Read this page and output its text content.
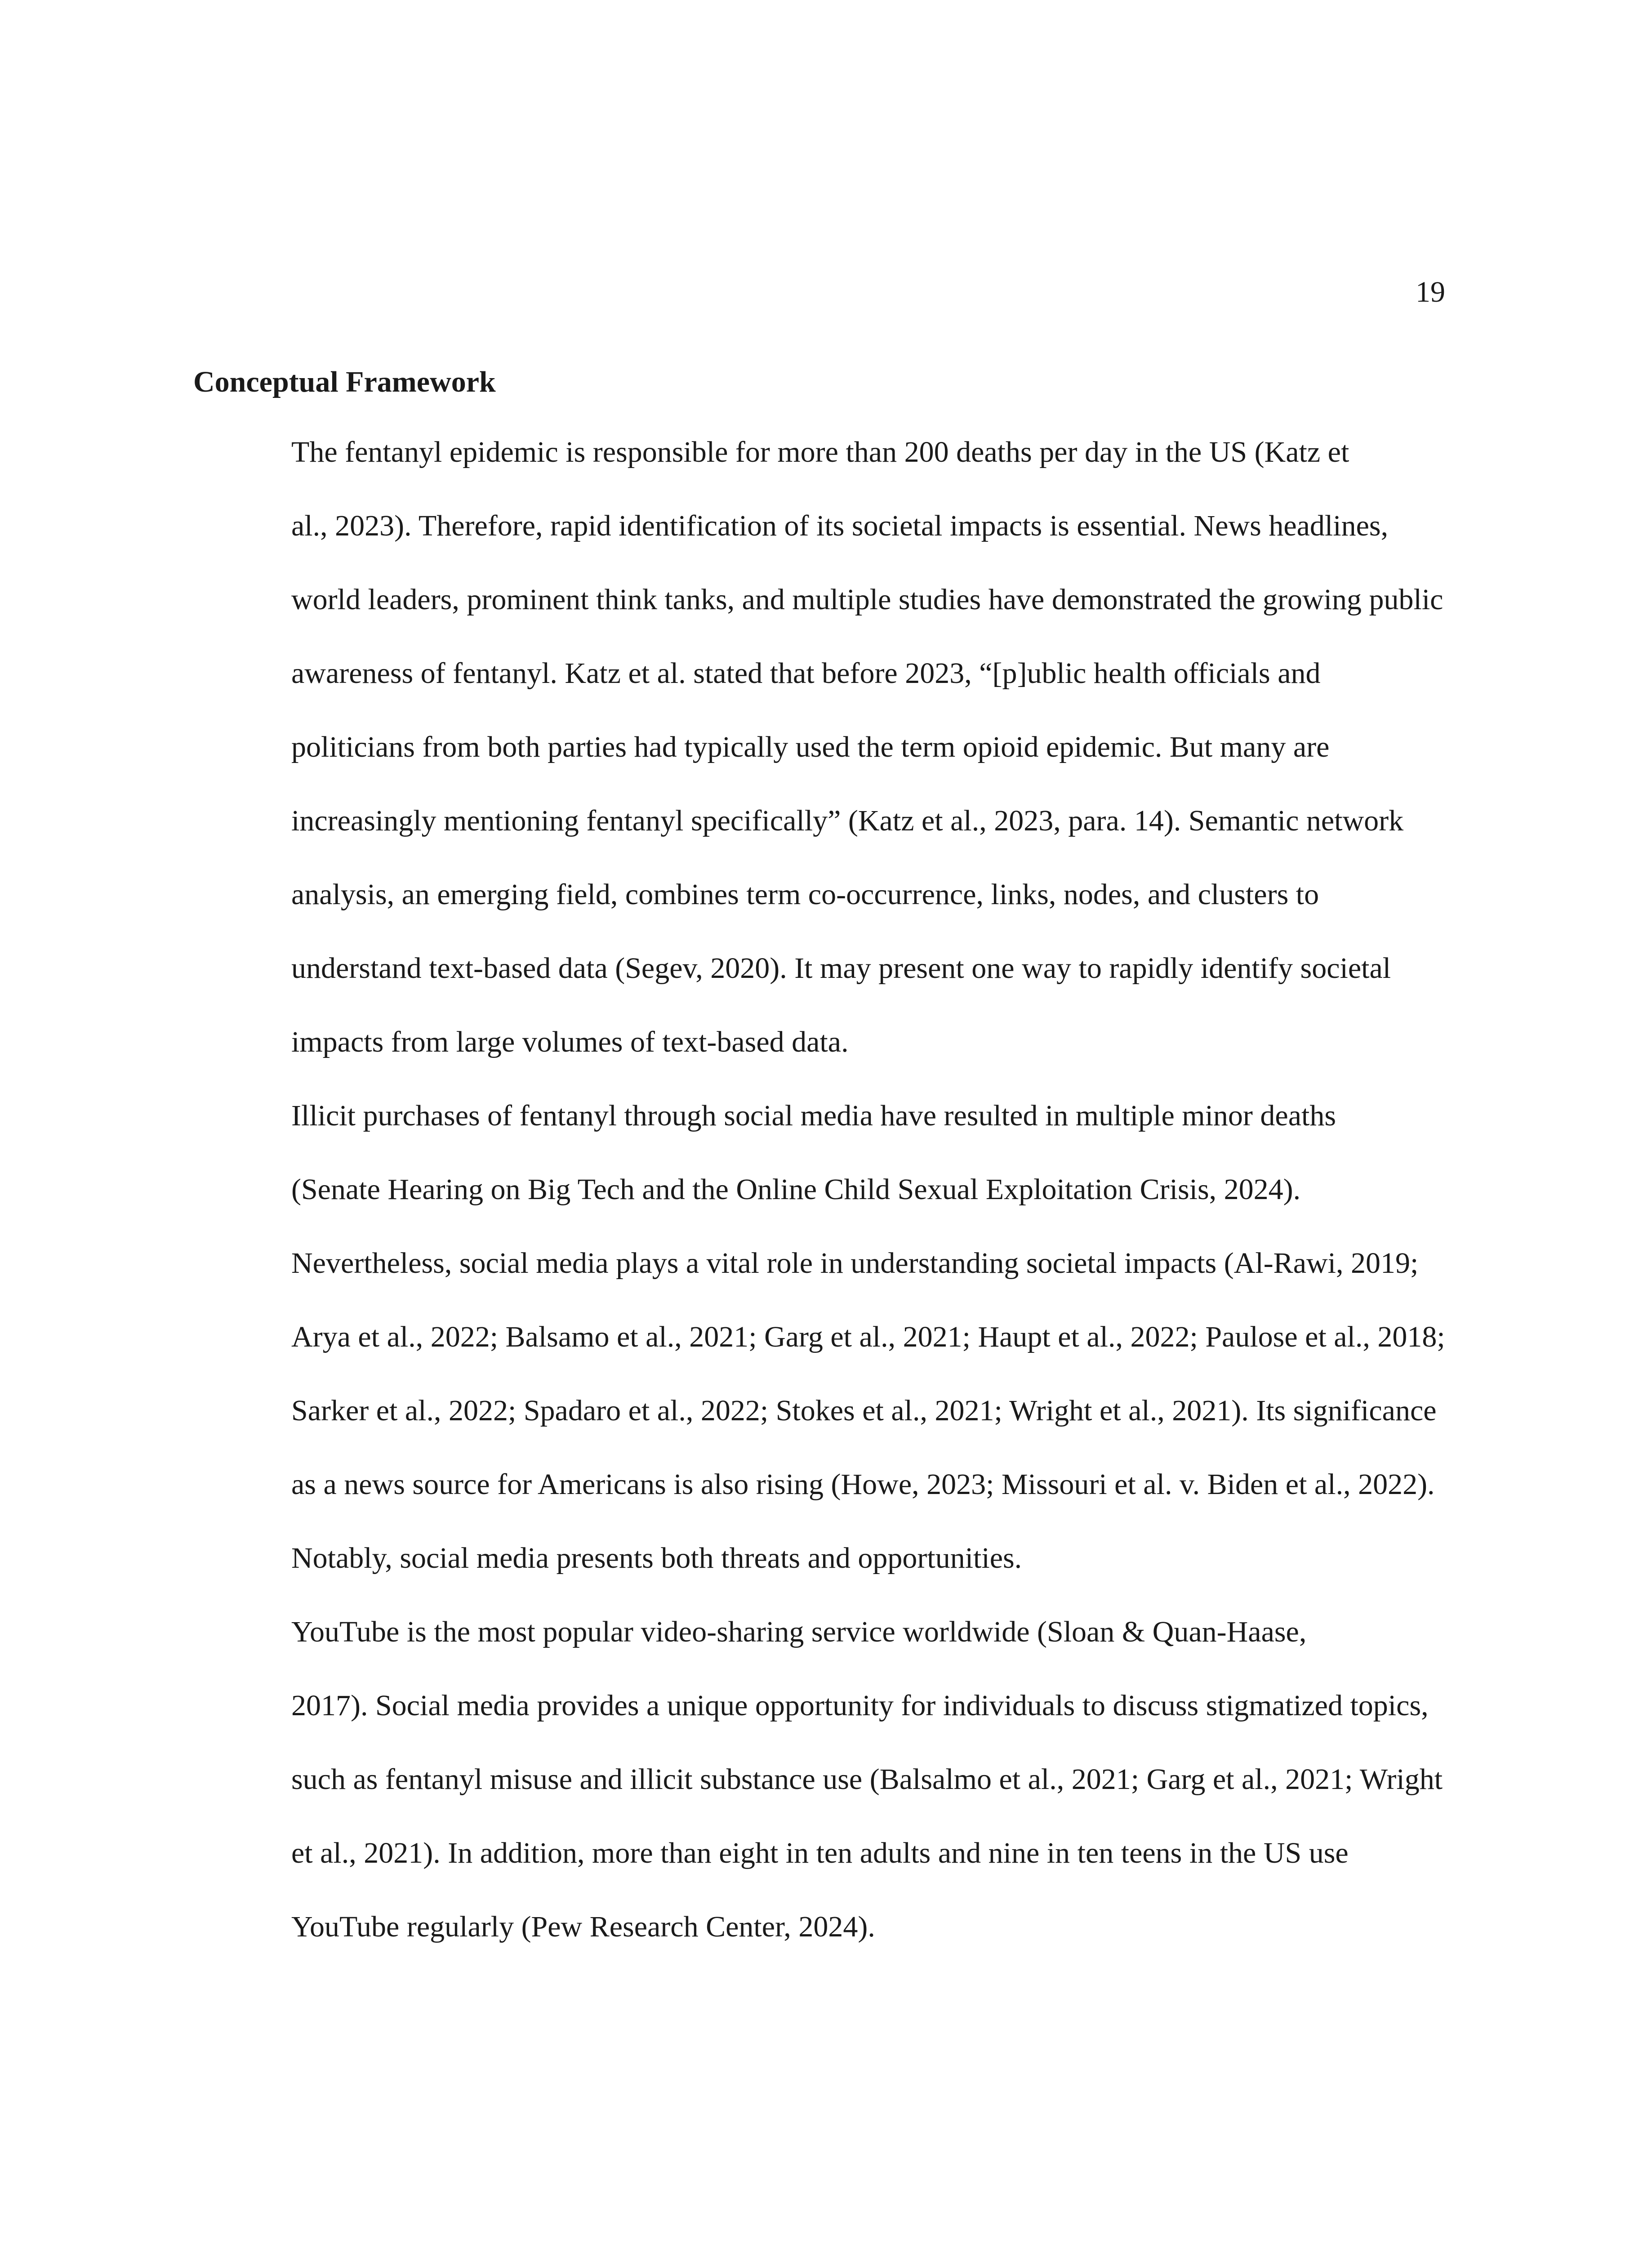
19
Conceptual Framework

The fentanyl epidemic is responsible for more than 200 deaths per day in the US (Katz et
al., 2023). Therefore, rapid identification of its societal impacts is essential. News headlines,
world leaders, prominent think tanks, and multiple studies have demonstrated the growing public
awareness of fentanyl. Katz et al. stated that before 2023, “[p]ublic health officials and
politicians from both parties had typically used the term opioid epidemic. But many are
increasingly mentioning fentanyl specifically” (Katz et al., 2023, para. 14). Semantic network
analysis, an emerging field, combines term co-occurrence, links, nodes, and clusters to
understand text-based data (Segev, 2020). It may present one way to rapidly identify societal
impacts from large volumes of text-based data.

Illicit purchases of fentanyl through social media have resulted in multiple minor deaths
(Senate Hearing on Big Tech and the Online Child Sexual Exploitation Crisis, 2024).
Nevertheless, social media plays a vital role in understanding societal impacts (Al-Rawi, 2019;
Arya et al., 2022; Balsamo et al., 2021; Garg et al., 2021; Haupt et al., 2022; Paulose et al., 2018;
Sarker et al., 2022; Spadaro et al., 2022; Stokes et al., 2021; Wright et al., 2021). Its significance
as a news source for Americans is also rising (Howe, 2023; Missouri et al. v. Biden et al., 2022).
Notably, social media presents both threats and opportunities.

YouTube is the most popular video-sharing service worldwide (Sloan & Quan-Haase,
2017). Social media provides a unique opportunity for individuals to discuss stigmatized topics,
such as fentanyl misuse and illicit substance use (Balsalmo et al., 2021; Garg et al., 2021; Wright
et al., 2021). In addition, more than eight in ten adults and nine in ten teens in the US use
YouTube regularly (Pew Research Center, 2024).
